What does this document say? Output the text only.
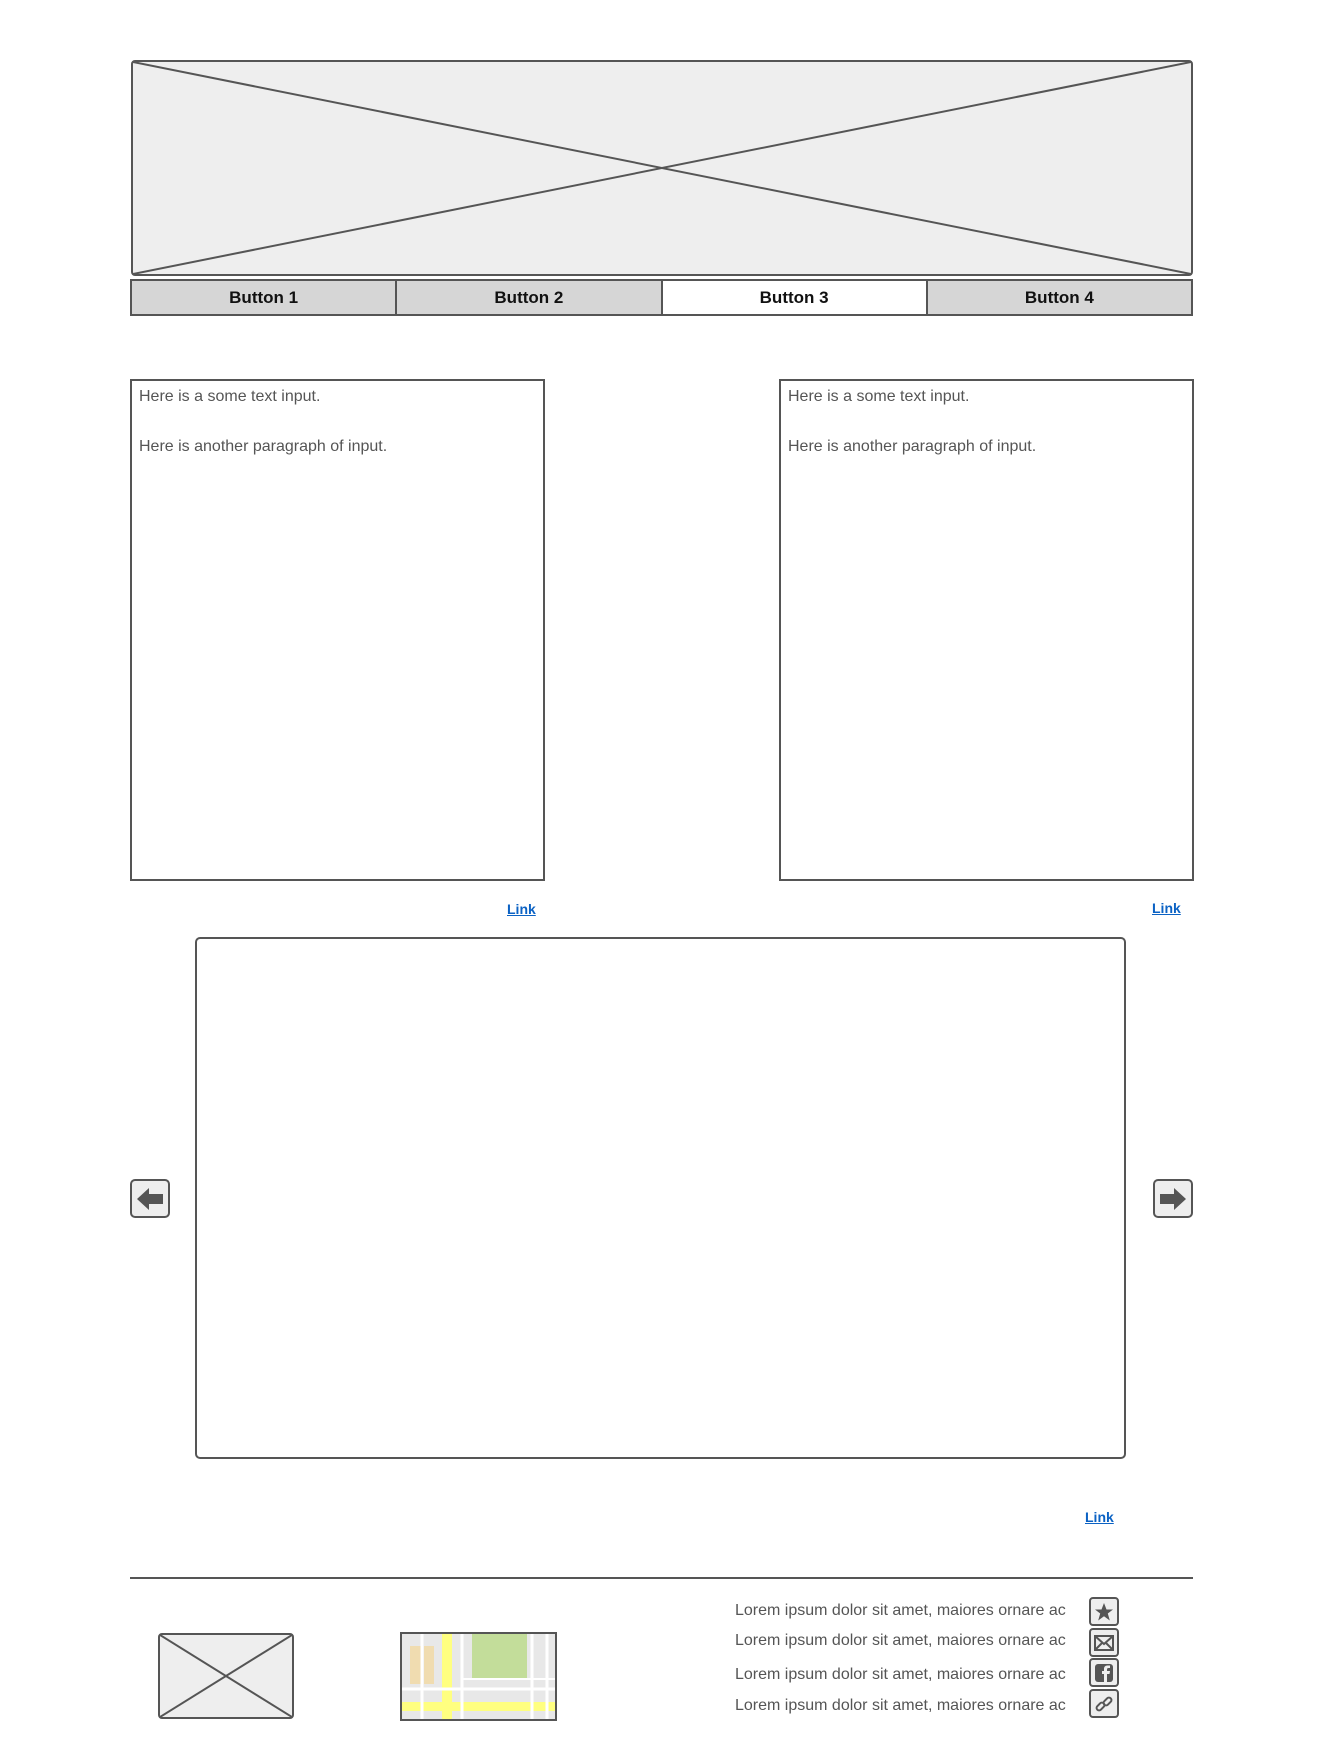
Button 1	Button 2	Button 3	Button 4

Here is a some text input.

Here is another paragraph of input.

Link

Here is a some text input.

Here is another paragraph of input.

Link
Link
Lorem ipsum dolor sit amet, maiores ornare ac
Lorem ipsum dolor sit amet, maiores ornare ac
Lorem ipsum dolor sit amet, maiores ornare ac
Lorem ipsum dolor sit amet, maiores ornare ac
